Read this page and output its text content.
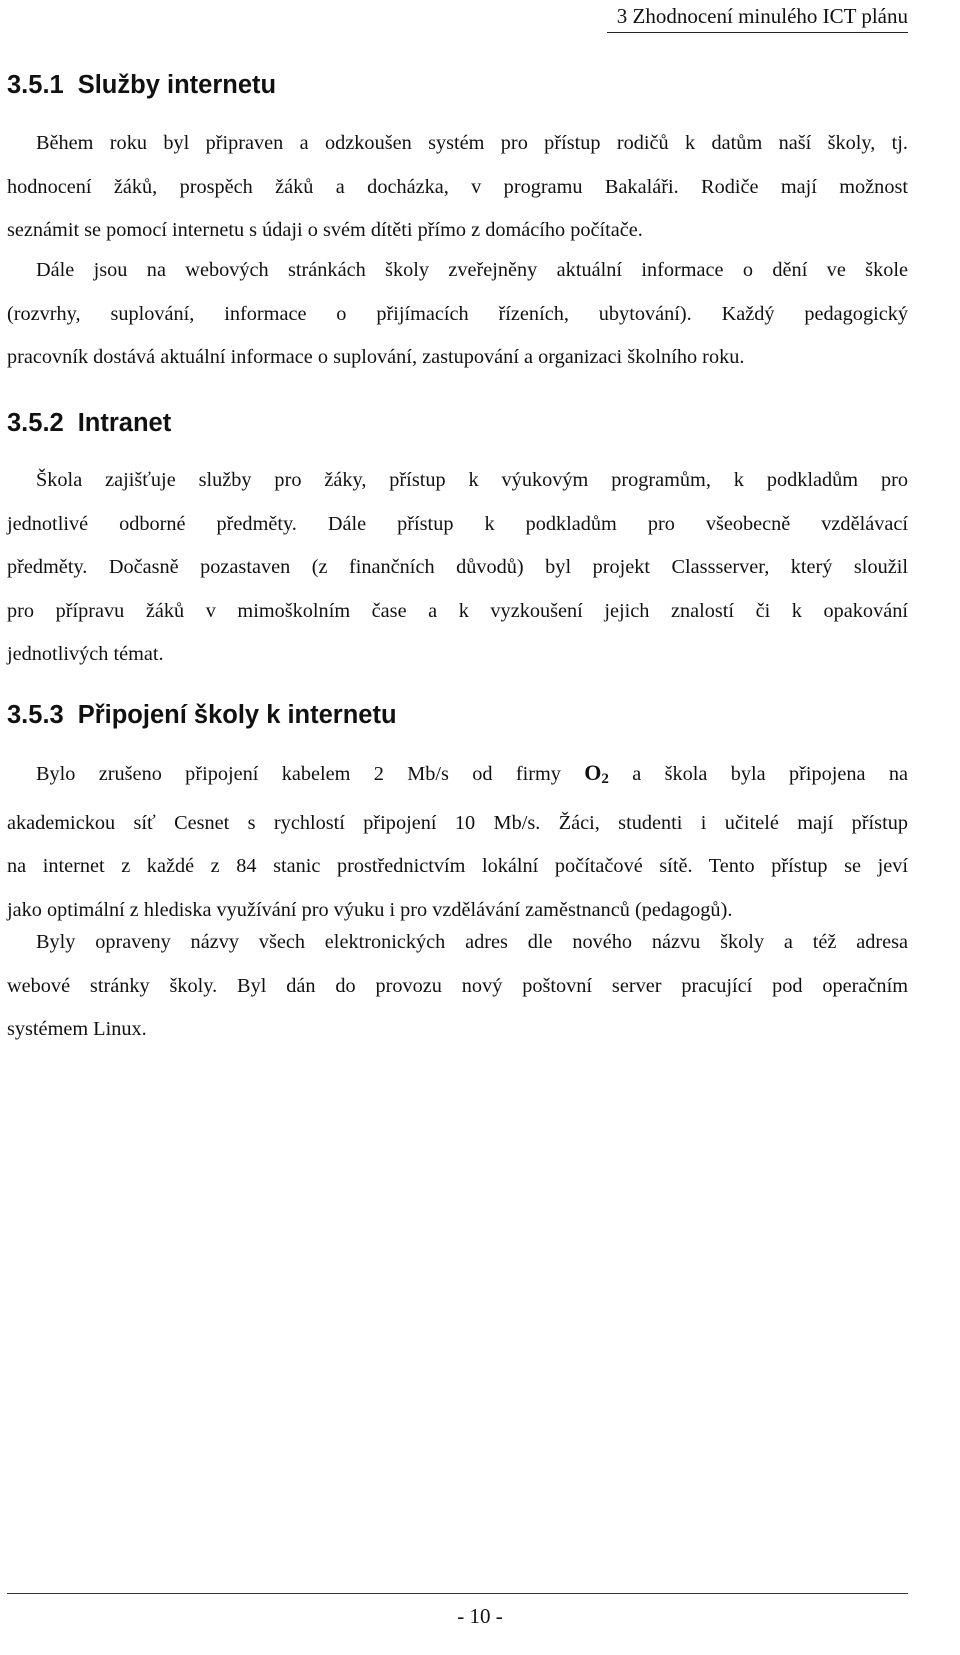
3 Zhodnocení minulého ICT plánu
3.5.1 Služby internetu
Během roku byl připraven a odzkoušen systém pro přístup rodičů k datům naší školy, tj.
hodnocení žáků, prospěch žáků a docházka, v programu Bakaláři. Rodiče mají možnost
seznámit se pomocí internetu s údaji o svém dítěti přímo z domácího počítače.
Dále jsou na webových stránkách školy zveřejněny aktuální informace o dění ve škole
(rozvrhy, suplování, informace o přijímacích řízeních, ubytování). Každý pedagogický
pracovník dostává aktuální informace o suplování, zastupování a organizaci školního roku.
3.5.2 Intranet
Škola zajišťuje služby pro žáky, přístup k výukovým programům, k podkladům pro
jednotlivé odborné předměty. Dále přístup k podkladům pro všeobecně vzdělávací
předměty. Dočasně pozastaven (z finančních důvodů) byl projekt Classserver, který sloužil
pro přípravu žáků v mimoškolním čase a k vyzkoušení jejich znalostí či k opakování
jednotlivých témat.
3.5.3 Připojení školy k internetu
Bylo zrušeno připojení kabelem 2 Mb/s od firmy $O_2$ a škola byla připojena na
akademickou síť Cesnet s rychlostí připojení 10 Mb/s. Žáci, studenti i učitelé mají přístup
na internet z každé z 84 stanic prostřednictvím lokální počítačové sítě. Tento přístup se jeví
jako optimální z hlediska využívání pro výuku i pro vzdělávání zaměstnanců (pedagogů).
Byly opraveny názvy všech elektronických adres dle nového názvu školy a též adresa
webové stránky školy. Byl dán do provozu nový poštovní server pracující pod operačním
systémem Linux.
- 10 -
